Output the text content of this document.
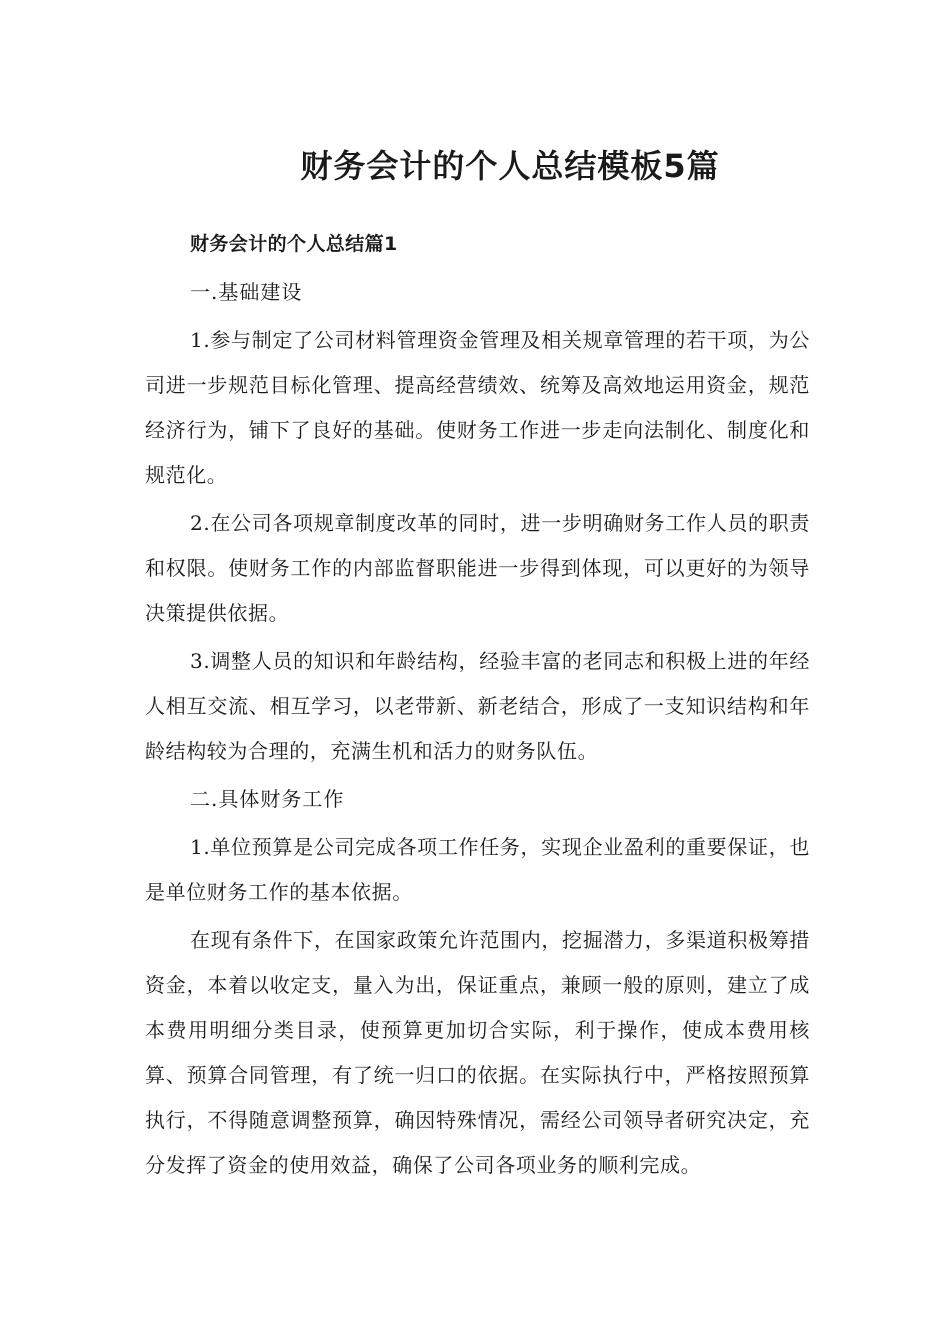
财务会计的个人总结模板5篇

财务会计的个人总结篇1

一.基础建设

1.参与制定了公司材料管理资金管理及相关规章管理的若干项，为公司进一步规范目标化管理、提高经营绩效、统筹及高效地运用资金，规范经济行为，铺下了良好的基础。使财务工作进一步走向法制化、制度化和规范化。

2.在公司各项规章制度改革的同时，进一步明确财务工作人员的职责和权限。使财务工作的内部监督职能进一步得到体现，可以更好的为领导决策提供依据。

3.调整人员的知识和年龄结构，经验丰富的老同志和积极上进的年经人相互交流、相互学习，以老带新、新老结合，形成了一支知识结构和年龄结构较为合理的，充满生机和活力的财务队伍。

二.具体财务工作

1.单位预算是公司完成各项工作任务，实现企业盈利的重要保证，也是单位财务工作的基本依据。

在现有条件下，在国家政策允许范围内，挖掘潜力，多渠道积极筹措资金，本着以收定支，量入为出，保证重点，兼顾一般的原则，建立了成本费用明细分类目录，使预算更加切合实际，利于操作，使成本费用核算、预算合同管理，有了统一归口的依据。在实际执行中，严格按照预算执行，不得随意调整预算，确因特殊情况，需经公司领导者研究决定，充分发挥了资金的使用效益，确保了公司各项业务的顺利完成。
